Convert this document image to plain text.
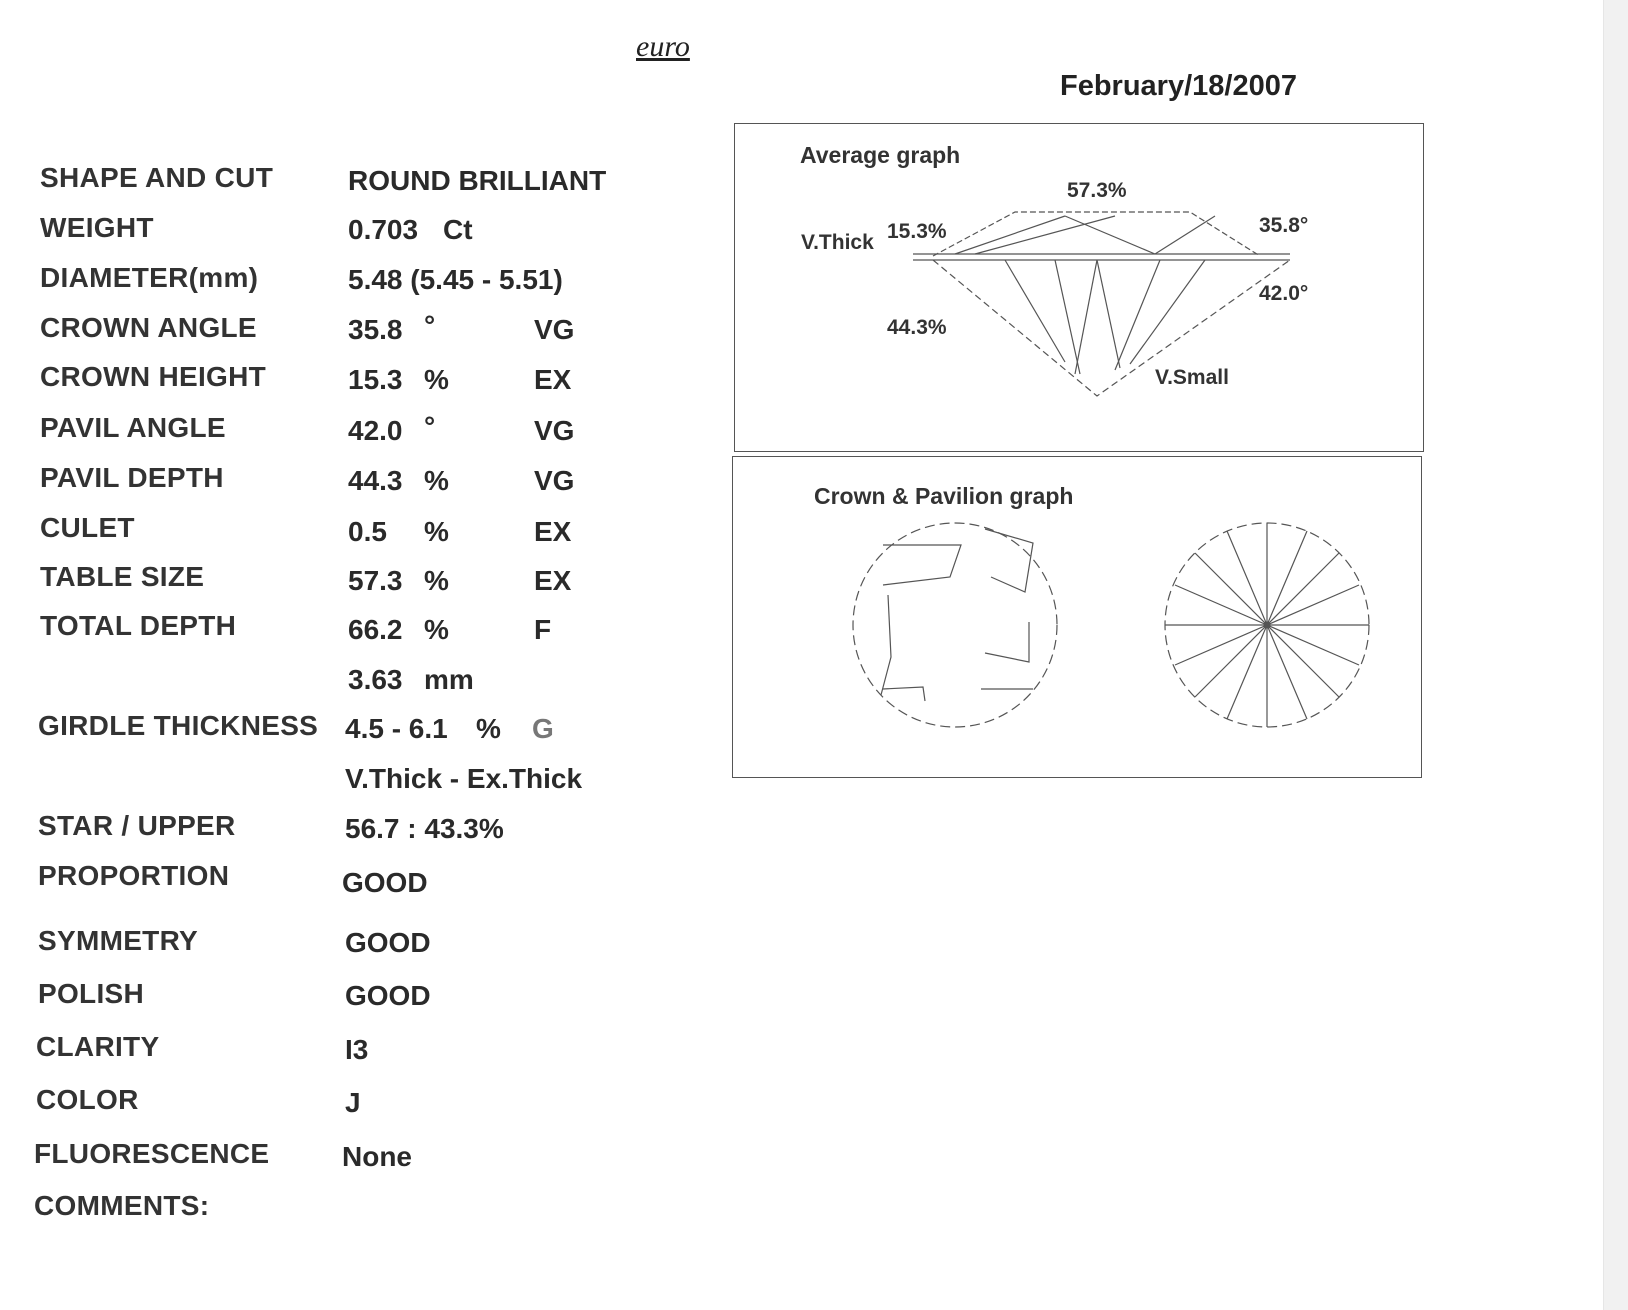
euro
February/18/2007
SHAPE AND CUT	ROUND BRILLIANT
WEIGHT	0.703 Ct
DIAMETER(mm)	5.48 (5.45 - 5.51)
CROWN ANGLE	35.8 °	VG
CROWN HEIGHT	15.3 %	EX
PAVIL ANGLE	42.0 °	VG
PAVIL DEPTH	44.3 %	VG
CULET	0.5 %	EX
TABLE SIZE	57.3 %	EX
TOTAL DEPTH	66.2 %	F
3.63 mm
GIRDLE THICKNESS 4.5 - 6.1 % G
V.Thick - Ex.Thick
STAR / UPPER	56.7 : 43.3%
PROPORTION	GOOD
SYMMETRY	GOOD
POLISH	GOOD
CLARITY	I3
COLOR	J
FLUORESCENCE	None
COMMENTS:
Average graph
57.3%
V.Thick 15.3%	35.8°
42.0°
44.3%
V.Small
Crown & Pavilion graph
